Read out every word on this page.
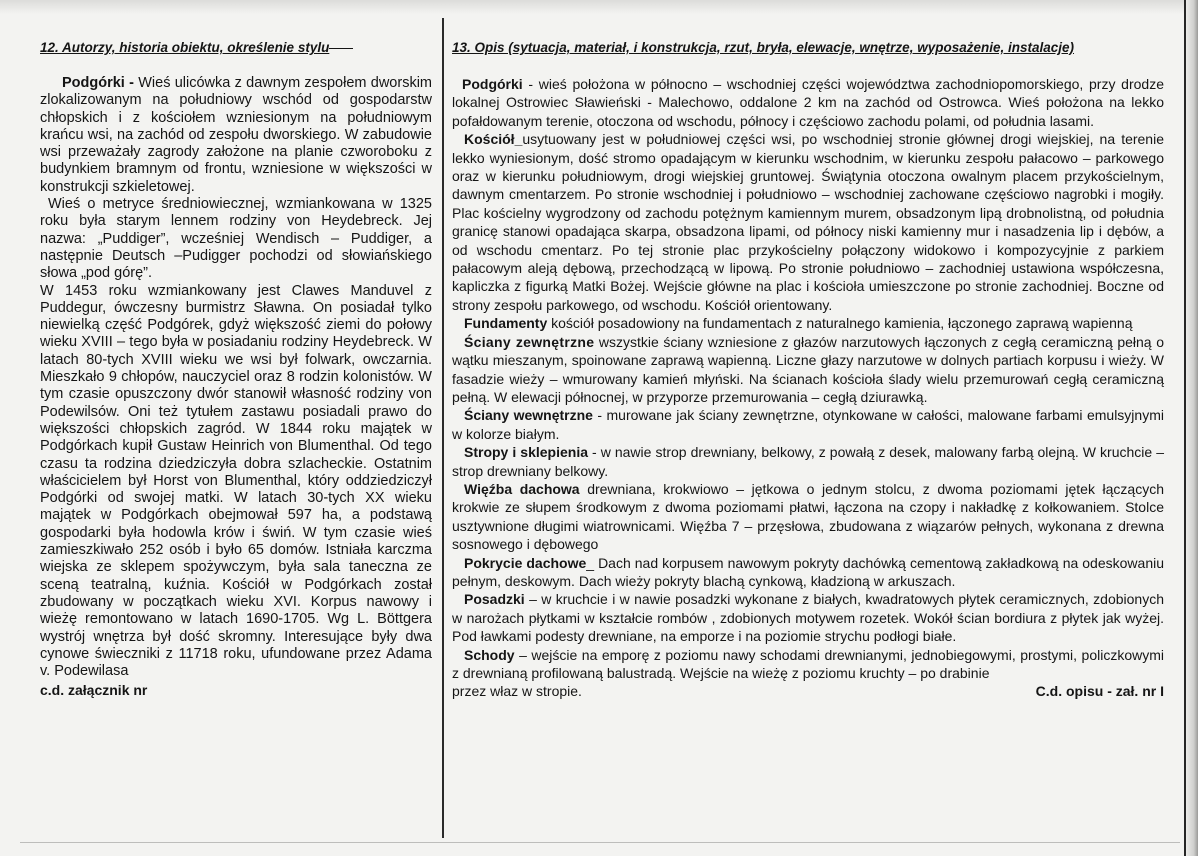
12. Autorzy, historia obiektu, określenie stylu

Podgórki - Wieś ulicówka z dawnym zespołem dworskim zlokalizowanym na południowy wschód od gospodarstw chłopskich i z kościołem wzniesionym na południowym krańcu wsi, na zachód od zespołu dworskiego. W zabudowie wsi przeważały zagrody założone na planie czworoboku z budynkiem bramnym od frontu, wzniesione w większości w konstrukcji szkieletowej.

Wieś o metryce średniowiecznej, wzmiankowana w 1325 roku była starym lennem rodziny von Heydebreck. Jej nazwa: „Puddiger”, wcześniej Wendisch – Puddiger, a następnie Deutsch –Pudigger pochodzi od słowiańskiego słowa „pod górę”.

W 1453 roku wzmiankowany jest Clawes Manduvel z Puddegur, ówczesny burmistrz Sławna. On posiadał tylko niewielką część Podgórek, gdyż większość ziemi do połowy wieku XVIII – tego była w posiadaniu rodziny Heydebreck. W latach 80-tych XVIII wieku we wsi był folwark, owczarnia. Mieszkało 9 chłopów, nauczyciel oraz 8 rodzin kolonistów. W tym czasie opuszczony dwór stanowił własność rodziny von Podewilsów. Oni też tytułem zastawu posiadali prawo do większości chłopskich zagród. W 1844 roku majątek w Podgórkach kupił Gustaw Heinrich von Blumenthal. Od tego czasu ta rodzina dziedziczyła dobra szlacheckie. Ostatnim właścicielem był Horst von Blumenthal, który oddziedziczył Podgórki od swojej matki. W latach 30-tych XX wieku majątek w Podgórkach obejmował 597 ha, a podstawą gospodarki była hodowla krów i świń. W tym czasie wieś zamieszkiwało 252 osób i było 65 domów. Istniała karczma wiejska ze sklepem spożywczym, była sala taneczna ze sceną teatralną, kuźnia. Kościół w Podgórkach został zbudowany w początkach wieku XVI. Korpus nawowy i wieżę remontowano w latach 1690-1705. Wg L. Böttgera wystrój wnętrza był dość skromny. Interesujące były dwa cynowe świeczniki z 11718 roku, ufundowane przez Adama v. Podewilasa

c.d. załącznik nr
13. Opis (sytuacja, materiał, i konstrukcja, rzut, bryła, elewacje, wnętrze, wyposażenie, instalacje)

Podgórki - wieś położona w północno – wschodniej części województwa zachodniopomorskiego, przy drodze lokalnej Ostrowiec Sławieński - Malechowo, oddalone 2 km na zachód od Ostrowca. Wieś położona na lekko pofałdowanym terenie, otoczona od wschodu, północy i częściowo zachodu polami, od południa lasami.

Kościół_usytuowany jest w południowej części wsi, po wschodniej stronie głównej drogi wiejskiej, na terenie lekko wyniesionym, dość stromo opadającym w kierunku wschodnim, w kierunku zespołu pałacowo – parkowego oraz w kierunku południowym, drogi wiejskiej gruntowej. Świątynia otoczona owalnym placem przykościelnym, dawnym cmentarzem. Po stronie wschodniej i południowo – wschodniej zachowane częściowo nagrobki i mogiły. Plac kościelny wygrodzony od zachodu potężnym kamiennym murem, obsadzonym lipą drobnolistną, od południa granicę stanowi opadająca skarpa, obsadzona lipami, od północy niski kamienny mur i nasadzenia lip i dębów, a od wschodu cmentarz. Po tej stronie plac przykościelny połączony widokowo i kompozycyjnie z parkiem pałacowym aleją dębową, przechodzącą w lipową. Po stronie południowo – zachodniej ustawiona współczesna, kapliczka z figurką Matki Bożej. Wejście główne na plac i kościoła umieszczone po stronie zachodniej. Boczne od strony zespołu parkowego, od wschodu. Kościół orientowany.

Fundamenty kościół posadowiony na fundamentach z naturalnego kamienia, łączonego zaprawą wapienną

Ściany zewnętrzne wszystkie ściany wzniesione z głazów narzutowych łączonych z cegłą ceramiczną pełną o wątku mieszanym, spoinowane zaprawą wapienną. Liczne głazy narzutowe w dolnych partiach korpusu i wieży. W fasadzie wieży – wmurowany kamień młyński. Na ścianach kościoła ślady wielu przemurowań cegłą ceramiczną pełną. W elewacji północnej, w przyporze przemurowania – cegłą dziurawką.

Ściany wewnętrzne - murowane jak ściany zewnętrzne, otynkowane w całości, malowane farbami emulsyjnymi w kolorze białym.

Stropy i sklepienia - w nawie strop drewniany, belkowy, z powałą z desek, malowany farbą olejną. W kruchcie – strop drewniany belkowy.

Więźba dachowa drewniana, krokwiowo – jętkowa o jednym stolcu, z dwoma poziomami jętek łączących krokwie ze słupem środkowym z dwoma poziomami płatwi, łączona na czopy i nakładkę z kołkowaniem. Stolce usztywnione długimi wiatrownicami. Więźba 7 – przęsłowa, zbudowana z wiązarów pełnych, wykonana z drewna sosnowego i dębowego

Pokrycie dachowe_ Dach nad korpusem nawowym pokryty dachówką cementową zakładkową na odeskowaniu pełnym, deskowym. Dach wieży pokryty blachą cynkową, kładzioną w arkuszach.

Posadzki – w kruchcie i w nawie posadzki wykonane z białych, kwadratowych płytek ceramicznych, zdobionych w narożach płytkami w kształcie rombów , zdobionych motywem rozetek. Wokół ścian bordiura z płytek jak wyżej. Pod ławkami podesty drewniane, na emporze i na poziomie strychu podłogi białe.

Schody – wejście na emporę z poziomu nawy schodami drewnianymi, jednobiegowymi, prostymi, policzkowymi z drewnianą profilowaną balustradą. Wejście na wieżę z poziomu kruchty – po drabinie

przez właz w stropie.	C.d. opisu - zał. nr I
